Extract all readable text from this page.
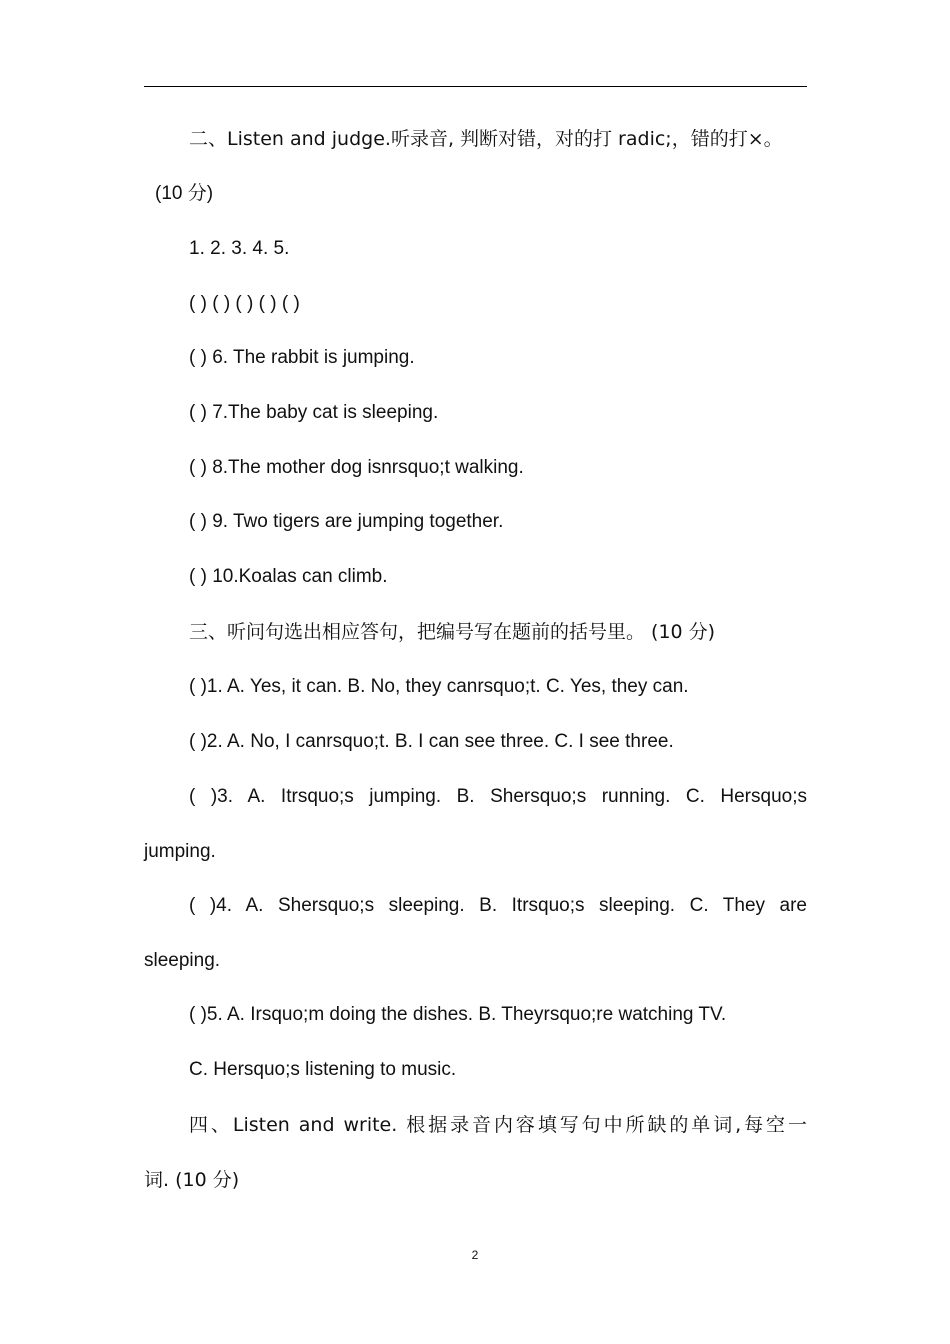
二、Listen and judge.听录音, 判断对错，对的打 radic;，错的打×。
(10 分)
1. 2. 3. 4. 5.
( ) ( ) ( ) ( ) ( )
( ) 6. The rabbit is jumping.
( ) 7.The baby cat is sleeping.
( ) 8.The mother dog isnrsquo;t walking.
( ) 9. Two tigers are jumping together.
( ) 10.Koalas can climb.
三、听问句选出相应答句，把编号写在题前的括号里。 (10 分)
( )1. A. Yes, it can. B. No, they canrsquo;t. C. Yes, they can.
( )2. A. No, I canrsquo;t. B. I can see three. C. I see three.
( )3. A. Itrsquo;s jumping. B. Shersquo;s running. C. Hersquo;s
jumping.
( )4. A. Shersquo;s sleeping. B. Itrsquo;s sleeping. C. They are
sleeping.
( )5. A. Irsquo;m doing the dishes. B. Theyrsquo;re watching TV.
C. Hersquo;s listening to music.
四、Listen and write. 根据录音内容填写句中所缺的单词,每空一
词. (10 分)
2
